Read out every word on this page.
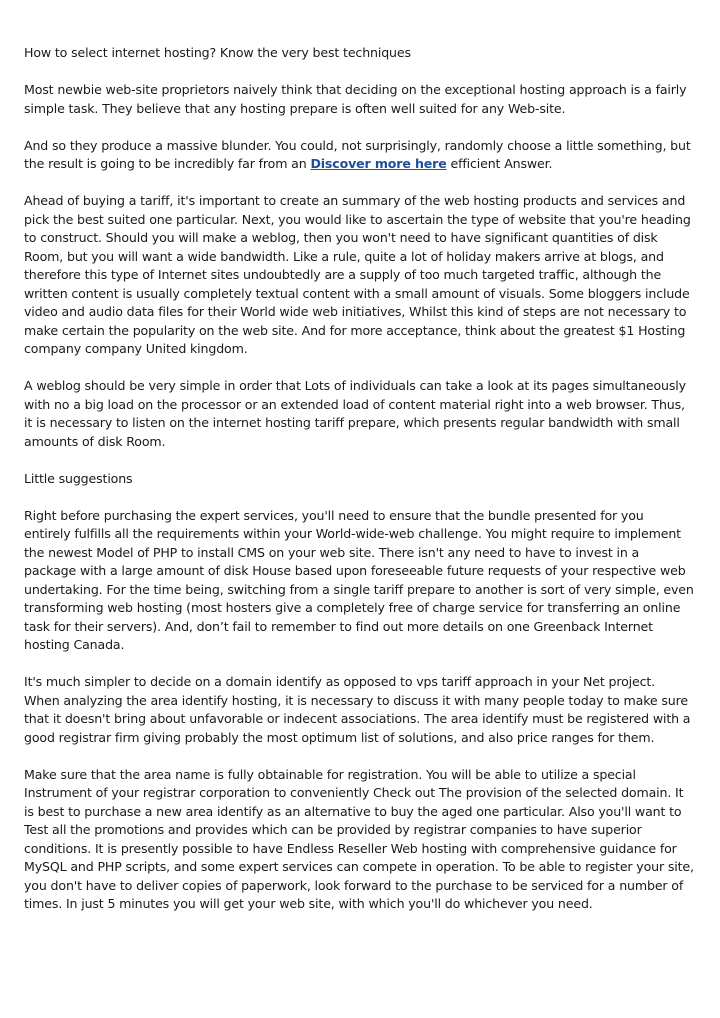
How to select internet hosting? Know the very best techniques

Most newbie web-site proprietors naively think that deciding on the exceptional hosting approach is a fairly simple task. They believe that any hosting prepare is often well suited for any Web-site.

And so they produce a massive blunder. You could, not surprisingly, randomly choose a little something, but the result is going to be incredibly far from an Discover more here efficient Answer.

Ahead of buying a tariff, it's important to create an summary of the web hosting products and services and pick the best suited one particular. Next, you would like to ascertain the type of website that you're heading to construct. Should you will make a weblog, then you won't need to have significant quantities of disk Room, but you will want a wide bandwidth. Like a rule, quite a lot of holiday makers arrive at blogs, and therefore this type of Internet sites undoubtedly are a supply of too much targeted traffic, although the written content is usually completely textual content with a small amount of visuals. Some bloggers include video and audio data files for their World wide web initiatives, Whilst this kind of steps are not necessary to make certain the popularity on the web site. And for more acceptance, think about the greatest $1 Hosting company company United kingdom.

A weblog should be very simple in order that Lots of individuals can take a look at its pages simultaneously with no a big load on the processor or an extended load of content material right into a web browser. Thus, it is necessary to listen on the internet hosting tariff prepare, which presents regular bandwidth with small amounts of disk Room.

Little suggestions

Right before purchasing the expert services, you'll need to ensure that the bundle presented for you entirely fulfills all the requirements within your World-wide-web challenge. You might require to implement the newest Model of PHP to install CMS on your web site. There isn't any need to have to invest in a package with a large amount of disk House based upon foreseeable future requests of your respective web undertaking. For the time being, switching from a single tariff prepare to another is sort of very simple, even transforming web hosting (most hosters give a completely free of charge service for transferring an online task for their servers). And, don’t fail to remember to find out more details on one Greenback Internet hosting Canada.

It's much simpler to decide on a domain identify as opposed to vps tariff approach in your Net project. When analyzing the area identify hosting, it is necessary to discuss it with many people today to make sure that it doesn't bring about unfavorable or indecent associations. The area identify must be registered with a good registrar firm giving probably the most optimum list of solutions, and also price ranges for them.

Make sure that the area name is fully obtainable for registration. You will be able to utilize a special Instrument of your registrar corporation to conveniently Check out The provision of the selected domain. It is best to purchase a new area identify as an alternative to buy the aged one particular. Also you'll want to Test all the promotions and provides which can be provided by registrar companies to have superior conditions. It is presently possible to have Endless Reseller Web hosting with comprehensive guidance for MySQL and PHP scripts, and some expert services can compete in operation. To be able to register your site, you don't have to deliver copies of paperwork, look forward to the purchase to be serviced for a number of times. In just 5 minutes you will get your web site, with which you'll do whichever you need.
